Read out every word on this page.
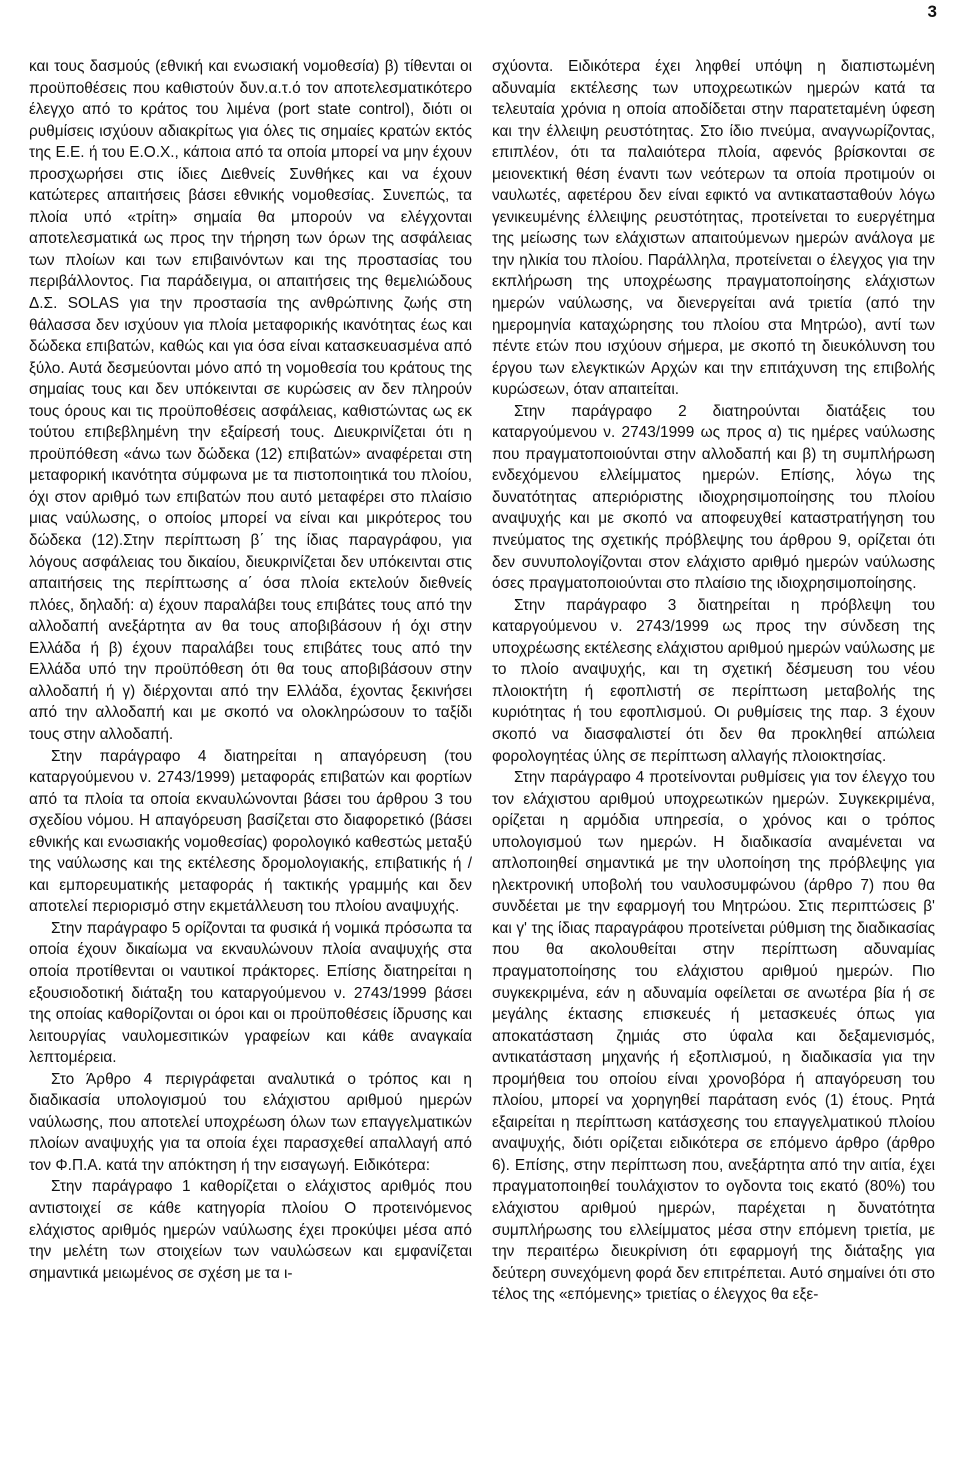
3

και τους δασμούς (εθνική και ενωσιακή νομοθεσία) β) τίθενται οι προϋποθέσεις που καθιστούν δυν.α.τ.ό τον αποτελεσματικότερο έλεγχο από το κράτος του λιμένα (port state control), διότι οι ρυθμίσεις ισχύουν αδιακρίτως για όλες τις σημαίες κρατών εκτός της Ε.Ε. ή του Ε.Ο.Χ., κάποια από τα οποία μπορεί να μην έχουν προσχωρήσει στις ίδιες Διεθνείς Συνθήκες και να έχουν κατώτερες απαιτήσεις βάσει εθνικής νομοθεσίας. Συνεπώς, τα πλοία υπό «τρίτη» σημαία θα μπορούν να ελέγχονται αποτελεσματικά ως προς την τήρηση των όρων της ασφάλειας των πλοίων και των επιβαινόντων και της προστασίας του περιβάλλοντος. Για παράδειγμα, οι απαιτήσεις της θεμελιώδους Δ.Σ. SOLAS για την προστασία της ανθρώπινης ζωής στη θάλασσα δεν ισχύουν για πλοία μεταφορικής ικανότητας έως και δώδεκα επιβατών, καθώς και για όσα είναι κατασκευασμένα από ξύλο. Αυτά δεσμεύονται μόνο από τη νομοθεσία του κράτους της σημαίας τους και δεν υπόκεινται σε κυρώσεις αν δεν πληρούν τους όρους και τις προϋποθέσεις ασφάλειας, καθιστώντας ως εκ τούτου επιβεβλημένη την εξαίρεσή τους. Διευκρινίζεται ότι η προϋπόθεση «άνω των δώδεκα (12) επιβατών» αναφέρεται στη μεταφορική ικανότητα σύμφωνα με τα πιστοποιητικά του πλοίου, όχι στον αριθμό των επιβατών που αυτό μεταφέρει στο πλαίσιο μιας ναύλωσης, ο οποίος μπορεί να είναι και μικρότερος του δώδεκα (12).Στην περίπτωση β΄ της ίδιας παραγράφου, για λόγους ασφάλειας του δικαίου, διευκρινίζεται δεν υπόκεινται στις απαιτήσεις της περίπτωσης α΄ όσα πλοία εκτελούν διεθνείς πλόες, δηλαδή: α) έχουν παραλάβει τους επιβάτες τους από την αλλοδαπή ανεξάρτητα αν θα τους αποβιβάσουν ή όχι στην Ελλάδα ή β) έχουν παραλάβει τους επιβάτες τους από την Ελλάδα υπό την προϋπόθεση ότι θα τους αποβιβάσουν στην αλλοδαπή ή γ) διέρχονται από την Ελλάδα, έχοντας ξεκινήσει από την αλλοδαπή και με σκοπό να ολοκληρώσουν το ταξίδι τους στην αλλοδαπή.

Στην παράγραφο 4 διατηρείται η απαγόρευση (του καταργούμενου ν. 2743/1999) μεταφοράς επιβατών και φορτίων από τα πλοία τα οποία εκναυλώνονται βάσει του άρθρου 3 του σχεδίου νόμου. Η απαγόρευση βασίζεται στο διαφορετικό (βάσει εθνικής και ενωσιακής νομοθεσίας) φορολογικό καθεστώς μεταξύ της ναύλωσης και της εκτέλεσης δρομολογιακής, επιβατικής ή / και εμπορευματικής μεταφοράς ή τακτικής γραμμής και δεν αποτελεί περιορισμό στην εκμετάλλευση του πλοίου αναψυχής.

Στην παράγραφο 5 ορίζονται τα φυσικά ή νομικά πρόσωπα τα οποία έχουν δικαίωμα να εκναυλώνουν πλοία αναψυχής στα οποία προτίθενται οι ναυτικοί πράκτορες. Επίσης διατηρείται η εξουσιοδοτική διάταξη του καταργούμενου ν. 2743/1999 βάσει της οποίας καθορίζονται οι όροι και οι προϋποθέσεις ίδρυσης και λειτουργίας ναυλομεσιτικών γραφείων και κάθε αναγκαία λεπτομέρεια.

Στο Άρθρο 4 περιγράφεται αναλυτικά ο τρόπος και η διαδικασία υπολογισμού του ελάχιστου αριθμού ημερών ναύλωσης, που αποτελεί υποχρέωση όλων των επαγγελματικών πλοίων αναψυχής για τα οποία έχει παρασχεθεί απαλλαγή από τον Φ.Π.Α. κατά την απόκτηση ή την εισαγωγή. Ειδικότερα:

Στην παράγραφο 1 καθορίζεται ο ελάχιστος αριθμός που αντιστοιχεί σε κάθε κατηγορία πλοίου Ο προτεινόμενος ελάχιστος αριθμός ημερών ναύλωσης έχει προκύψει μέσα από την μελέτη των στοιχείων των ναυλώσεων και εμφανίζεται σημαντικά μειωμένος σε σχέση με τα ι-

σχύοντα. Ειδικότερα έχει ληφθεί υπόψη η διαπιστωμένη αδυναμία εκτέλεσης των υποχρεωτικών ημερών κατά τα τελευταία χρόνια η οποία αποδίδεται στην παρατεταμένη ύφεση και την έλλειψη ρευστότητας. Στο ίδιο πνεύμα, αναγνωρίζοντας, επιπλέον, ότι τα παλαιότερα πλοία, αφενός βρίσκονται σε μειονεκτική θέση έναντι των νεότερων τα οποία προτιμούν οι ναυλωτές, αφετέρου δεν είναι εφικτό να αντικατασταθούν λόγω γενικευμένης έλλειψης ρευστότητας, προτείνεται το ευεργέτημα της μείωσης των ελάχιστων απαιτούμενων ημερών ανάλογα με την ηλικία του πλοίου. Παράλληλα, προτείνεται ο έλεγχος για την εκπλήρωση της υποχρέωσης πραγματοποίησης ελάχιστων ημερών ναύλωσης, να διενεργείται ανά τριετία (από την ημερομηνία καταχώρησης του πλοίου στα Μητρώο), αντί των πέντε ετών που ισχύουν σήμερα, με σκοπό τη διευκόλυνση του έργου των ελεγκτικών Αρχών και την επιτάχυνση της επιβολής κυρώσεων, όταν απαιτείται.

Στην παράγραφο 2 διατηρούνται διατάξεις του καταργούμενου ν. 2743/1999 ως προς α) τις ημέρες ναύλωσης που πραγματοποιούνται στην αλλοδαπή και β) τη συμπλήρωση ενδεχόμενου ελλείμματος ημερών. Επίσης, λόγω της δυνατότητας απεριόριστης ιδιοχρησιμοποίησης του πλοίου αναψυχής και με σκοπό να αποφευχθεί καταστρατήγηση του πνεύματος της σχετικής πρόβλεψης του άρθρου 9, ορίζεται ότι δεν συνυπολογίζονται στον ελάχιστο αριθμό ημερών ναύλωσης όσες πραγματοποιούνται στο πλαίσιο της ιδιοχρησιμοποίησης.

Στην παράγραφο 3 διατηρείται η πρόβλεψη του καταργούμενου ν. 2743/1999 ως προς την σύνδεση της υποχρέωσης εκτέλεσης ελάχιστου αριθμού ημερών ναύλωσης με το πλοίο αναψυχής, και τη σχετική δέσμευση του νέου πλοιοκτήτη ή εφοπλιστή σε περίπτωση μεταβολής της κυριότητας ή του εφοπλισμού. Οι ρυθμίσεις της παρ. 3 έχουν σκοπό να διασφαλιστεί ότι δεν θα προκληθεί απώλεια φορολογητέας ύλης σε περίπτωση αλλαγής πλοιοκτησίας.

Στην παράγραφο 4 προτείνονται ρυθμίσεις για τον έλεγχο του τον ελάχιστου αριθμού υποχρεωτικών ημερών. Συγκεκριμένα, ορίζεται η αρμόδια υπηρεσία, ο χρόνος και ο τρόπος υπολογισμού των ημερών. Η διαδικασία αναμένεται να απλοποιηθεί σημαντικά με την υλοποίηση της πρόβλεψης για ηλεκτρονική υποβολή του ναυλοσυμφώνου (άρθρο 7) που θα συνδέεται με την εφαρμογή του Μητρώου. Στις περιπτώσεις β' και γ' της ίδιας παραγράφου προτείνεται ρύθμιση της διαδικασίας που θα ακολουθείται στην περίπτωση αδυναμίας πραγματοποίησης του ελάχιστου αριθμού ημερών. Πιο συγκεκριμένα, εάν η αδυναμία οφείλεται σε ανωτέρα βία ή σε μεγάλης έκτασης επισκευές ή μετασκευές όπως για αποκατάσταση ζημιάς στο ύφαλα και δεξαμενισμός, αντικατάσταση μηχανής ή εξοπλισμού, η διαδικασία για την προμήθεια του οποίου είναι χρονοβόρα ή απαγόρευση του πλοίου, μπορεί να χορηγηθεί παράταση ενός (1) έτους. Ρητά εξαιρείται η περίπτωση κατάσχεσης του επαγγελματικού πλοίου αναψυχής, διότι ορίζεται ειδικότερα σε επόμενο άρθρο (άρθρο 6). Επίσης, στην περίπτωση που, ανεξάρτητα από την αιτία, έχει πραγματοποιηθεί τουλάχιστον το ογδοντα τοις εκατό (80%) του ελάχιστου αριθμού ημερών, παρέχεται η δυνατότητα συμπλήρωσης του ελλείμματος μέσα στην επόμενη τριετία, με την περαιτέρω διευκρίνιση ότι εφαρμογή της διάταξης για δεύτερη συνεχόμενη φορά δεν επιτρέπεται. Αυτό σημαίνει ότι στο τέλος της «επόμενης» τριετίας ο έλεγχος θα εξε-
